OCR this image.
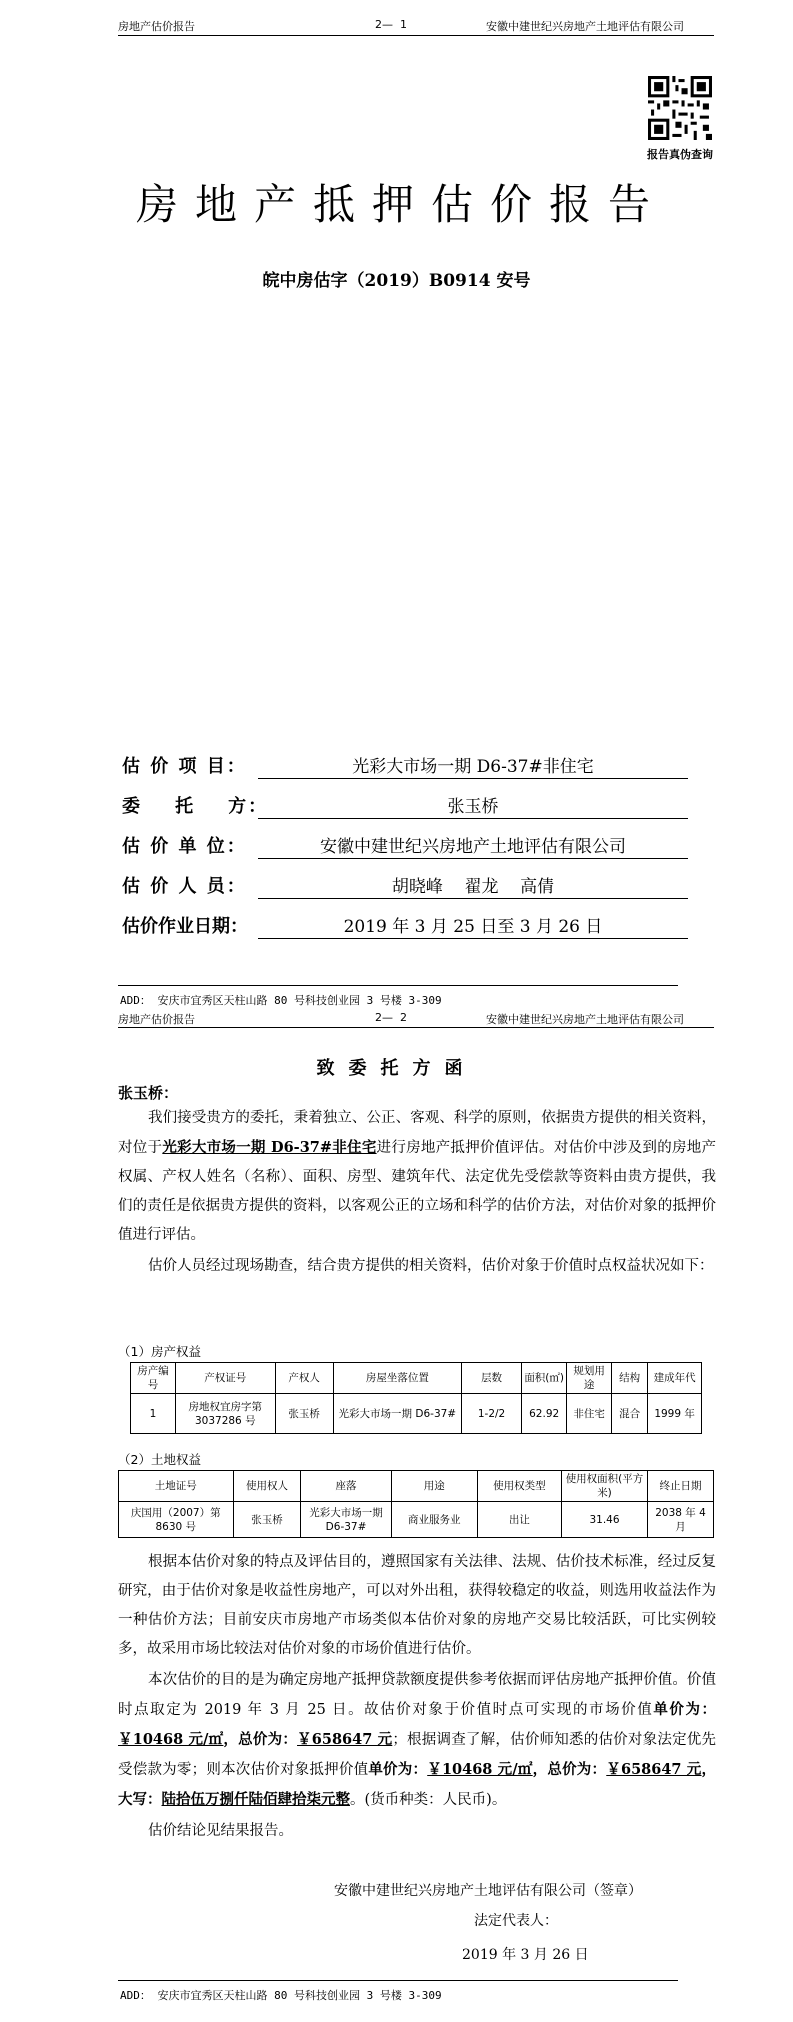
房地产估价报告	2—  1	安徽中建世纪兴房地产土地评估有限公司
报告真伪查询
房地产抵押估价报告
皖中房估字（2019）B0914 安号
估 价 项 目：	光彩大市场一期 D6-37#非住宅
委    托    方：	张玉桥
估 价 单 位：	安徽中建世纪兴房地产土地评估有限公司
估 价 人 员：	胡晓峰    翟龙    高倩
估价作业日期：	2019 年 3 月 25 日至 3 月 26 日
ADD： 安庆市宜秀区天柱山路 80 号科技创业园 3 号楼 3-309
房地产估价报告	2—  2	安徽中建世纪兴房地产土地评估有限公司
致委托方函
张玉桥：

我们接受贵方的委托，秉着独立、公正、客观、科学的原则，依据贵方提供的相关资料，对位于光彩大市场一期 D6-37#非住宅进行房地产抵押价值评估。对估价中涉及到的房地产权属、产权人姓名（名称）、面积、房型、建筑年代、法定优先受偿款等资料由贵方提供，我们的责任是依据贵方提供的资料，以客观公正的立场和科学的估价方法，对估价对象的抵押价值进行评估。

估价人员经过现场勘查，结合贵方提供的相关资料，估价对象于价值时点权益状况如下：

（1）房产权益
房产编号	产权证号	产权人	房屋坐落位置	层数	面积(㎡)	规划用途	结构	建成年代
1	房地权宜房字第 3037286 号	张玉桥	光彩大市场一期 D6-37#	1-2/2	62.92	非住宅	混合	1999 年
（2）土地权益
土地证号	使用权人	座落	用途	使用权类型	使用权面积(平方米)	终止日期
庆国用（2007）第 8630 号	张玉桥	光彩大市场一期 D6-37#	商业服务业	出让	31.46	2038 年 4月

根据本估价对象的特点及评估目的，遵照国家有关法律、法规、估价技术标准，经过反复研究，由于估价对象是收益性房地产，可以对外出租，获得较稳定的收益，则选用收益法作为一种估价方法；目前安庆市房地产市场类似本估价对象的房地产交易比较活跃，可比实例较多，故采用市场比较法对估价对象的市场价值进行估价。

本次估价的目的是为确定房地产抵押贷款额度提供参考依据而评估房地产抵押价值。价值时点取定为 2019 年 3 月 25 日。故估价对象于价值时点可实现的市场价值单价为：￥10468 元/㎡，总价为：￥658647 元；根据调查了解，估价师知悉的估价对象法定优先受偿款为零；则本次估价对象抵押价值单价为：￥10468 元/㎡，总价为：￥658647 元，大写：陆拾伍万捌仟陆佰肆拾柒元整。(货币种类：人民币)。

估价结论见结果报告。

安徽中建世纪兴房地产土地评估有限公司（签章）
法定代表人：
2019 年 3 月 26 日
ADD： 安庆市宜秀区天柱山路 80 号科技创业园 3 号楼 3-309
